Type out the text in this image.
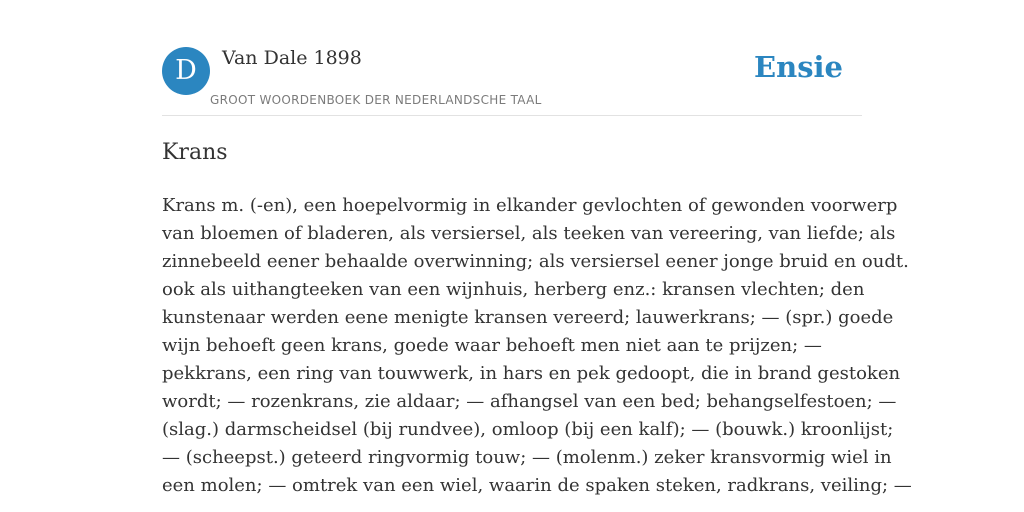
D	Van Dale 1898
GROOT WOORDENBOEK DER NEDERLANDSCHE TAAL
Ensie
Krans

Krans m. (-en), een hoepelvormig in elkander gevlochten of gewonden voorwerp
van bloemen of bladeren, als versiersel, als teeken van vereering, van liefde; als
zinnebeeld eener behaalde overwinning; als versiersel eener jonge bruid en oudt.
ook als uithangteeken van een wijnhuis, herberg enz.: kransen vlechten; den
kunstenaar werden eene menigte kransen vereerd; lauwerkrans; — (spr.) goede
wijn behoeft geen krans, goede waar behoeft men niet aan te prijzen; —
pekkrans, een ring van touwwerk, in hars en pek gedoopt, die in brand gestoken
wordt; — rozenkrans, zie aldaar; — afhangsel van een bed; behangselfestoen; —
(slag.) darmscheidsel (bij rundvee), omloop (bij een kalf); — (bouwk.) kroonlijst;
— (scheepst.) geteerd ringvormig touw; — (molenm.) zeker kransvormig wiel in
een molen; — omtrek van een wiel, waarin de spaken steken, radkrans, veiling; —
